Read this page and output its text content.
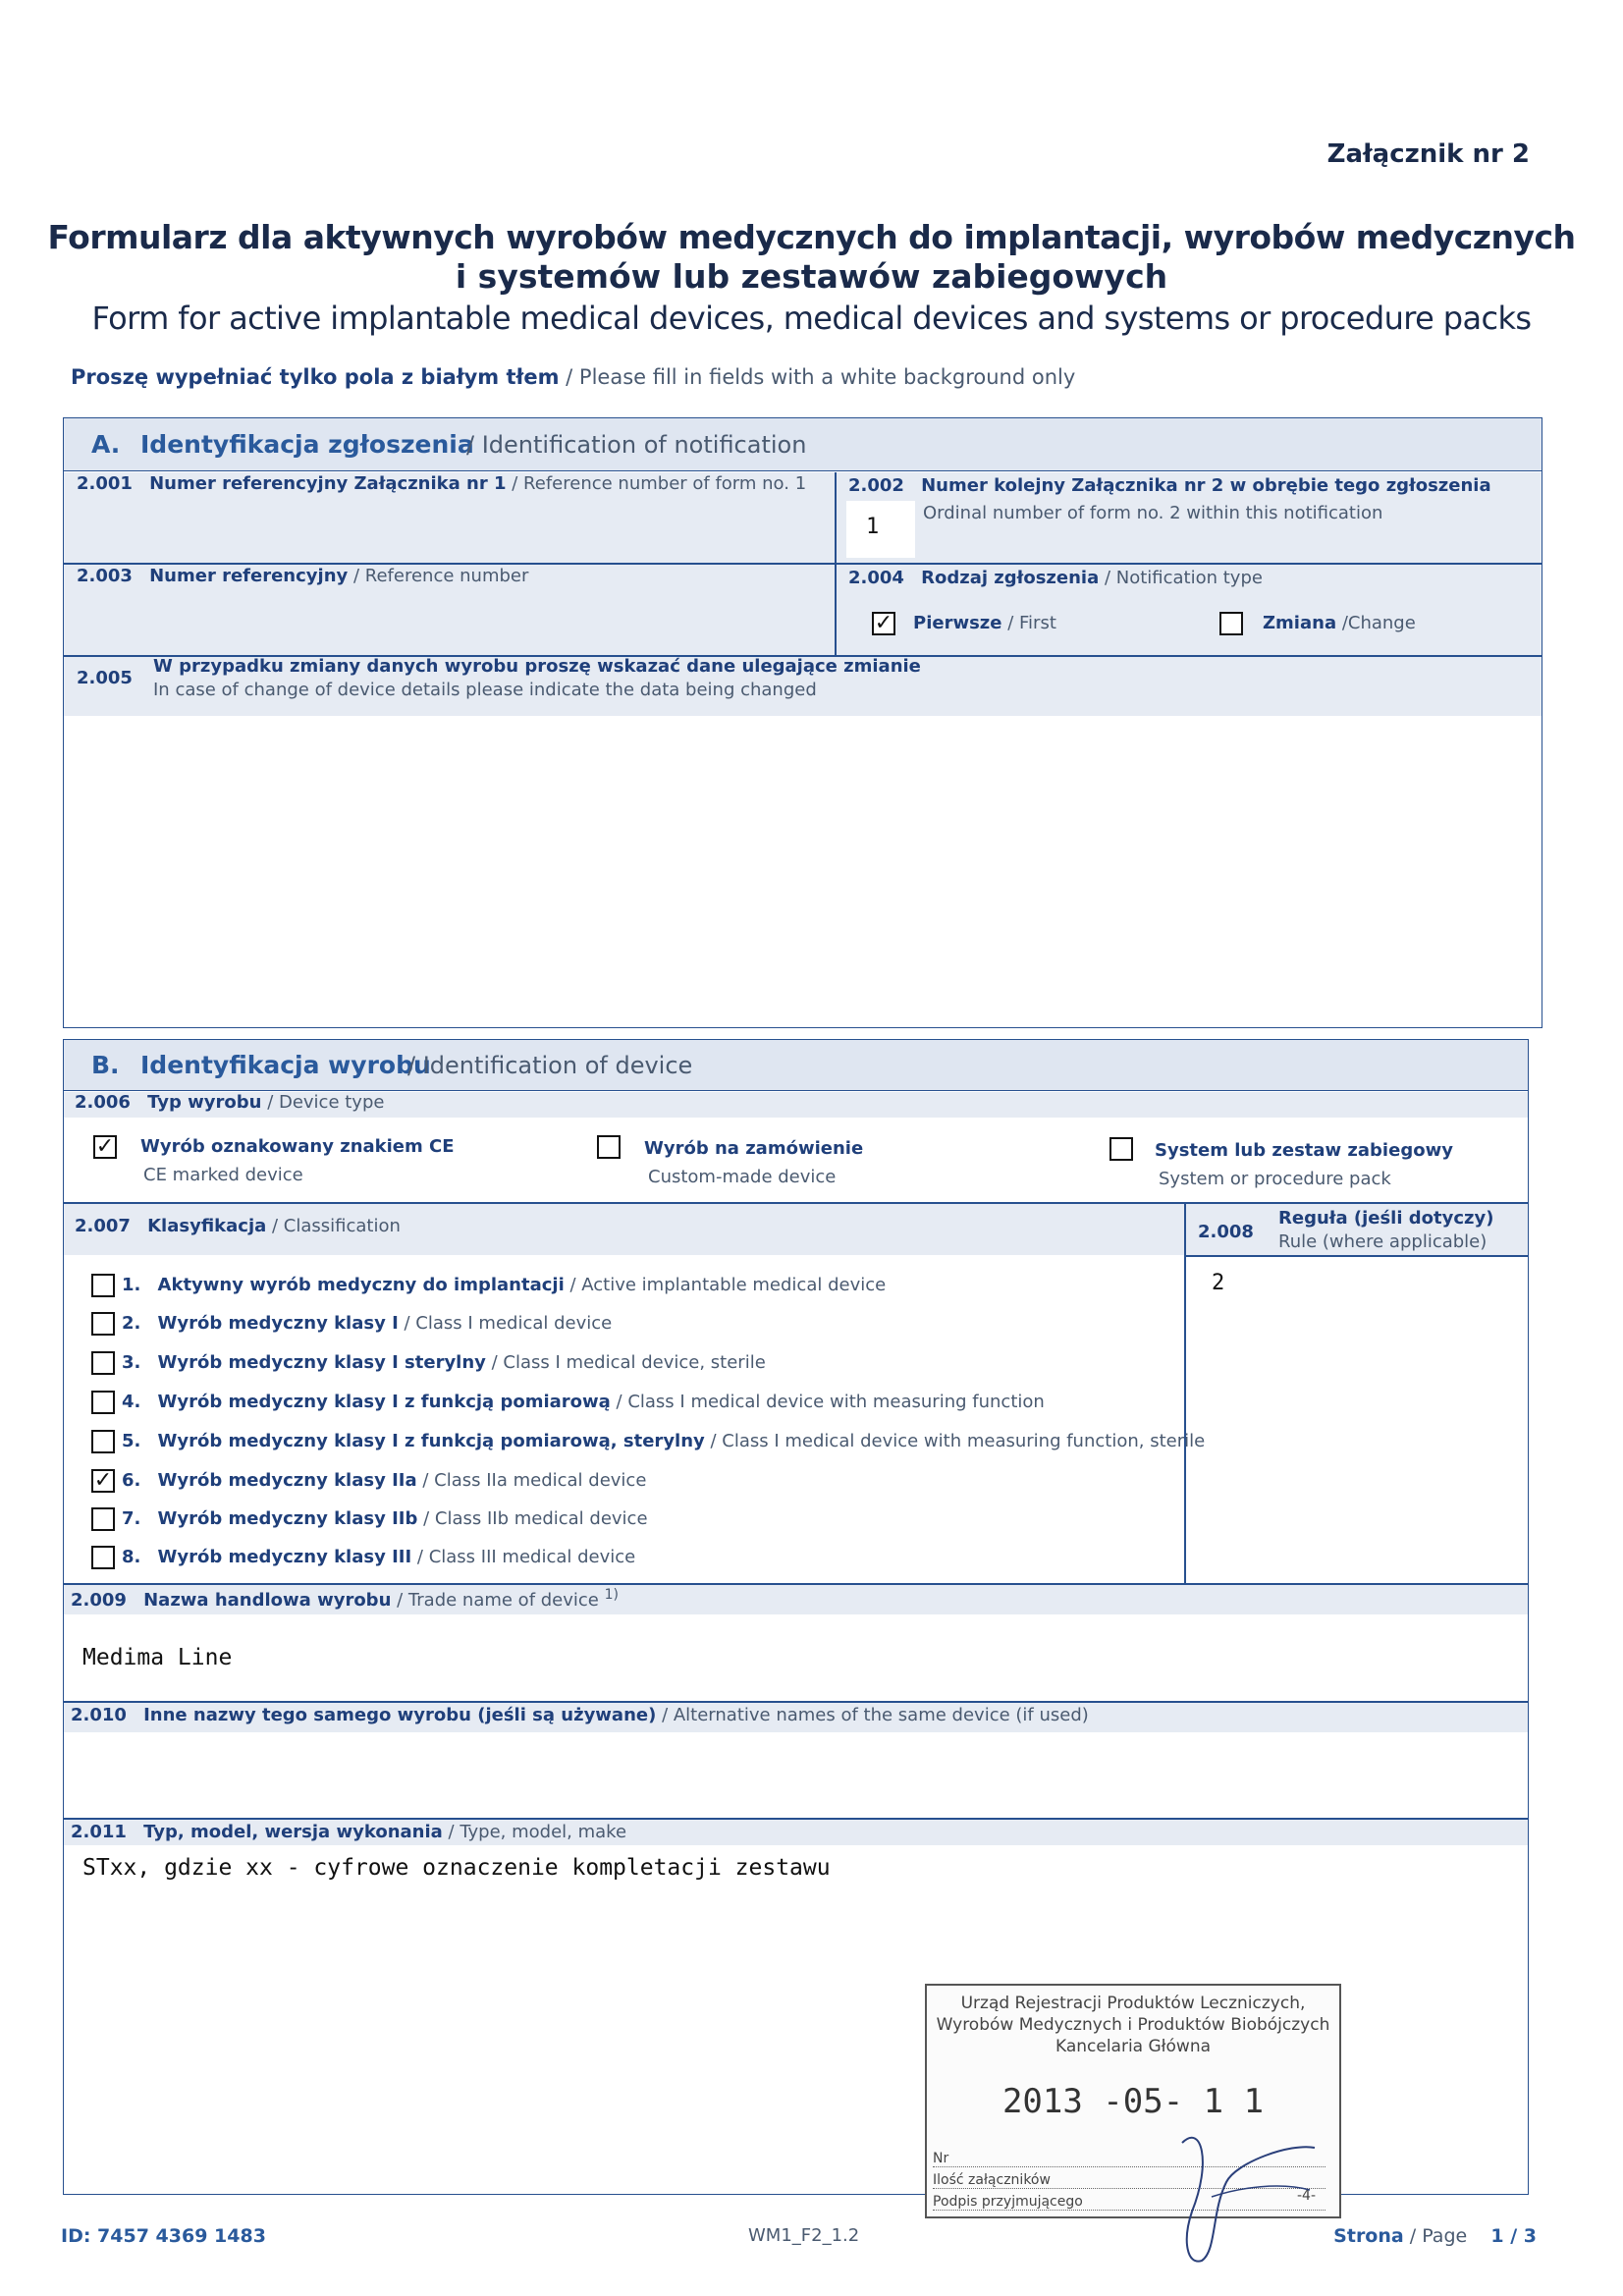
Załącznik nr 2
Formularz dla aktywnych wyrobów medycznych do implantacji, wyrobów medycznych
i systemów lub zestawów zabiegowych
Form for active implantable medical devices, medical devices and systems or procedure packs
Proszę wypełniać tylko pola z białym tłem / Please fill in fields with a white background only
A. Identyfikacja zgłoszenia
/ Identification of notification
2.001 Numer referencyjny Załącznika nr 1 / Reference number of form no. 1 2.002 Numer kolejny Załącznika nr 2 w obrębie tego zgłoszenia
1
Ordinal number of form no. 2 within this notification
2.003 Numer referencyjny / Reference number	2.004 Rodzaj zgłoszenia / Notification type
✓ Pierwsze / First	Zmiana /Change
2.005
W przypadku zmiany danych wyrobu proszę wskazać dane ulegające zmianie
In case of change of device details please indicate the data being changed
B. Identyfikacja wyrobu
/ Identification of device
2.006 Typ wyrobu / Device type
✓ Wyrób oznakowany znakiem CE
CE marked device
Wyrób na zamówienie
Custom-made device
System lub zestaw zabiegowy
System or procedure pack
2.007 Klasyfikacja / Classification	2.008
Reguła (jeśli dotyczy)
Rule (where applicable)
2
1. Aktywny wyrób medyczny do implantacji / Active implantable medical device
2. Wyrób medyczny klasy I / Class I medical device
3. Wyrób medyczny klasy I sterylny / Class I medical device, sterile
4. Wyrób medyczny klasy I z funkcją pomiarową / Class I medical device with measuring function
5. Wyrób medyczny klasy I z funkcją pomiarową, sterylny / Class I medical device with measuring function, sterile
✓ 6. Wyrób medyczny klasy IIa / Class IIa medical device
7. Wyrób medyczny klasy IIb / Class IIb medical device
8. Wyrób medyczny klasy III / Class III medical device
2.009 Nazwa handlowa wyrobu / Trade name of device $^{1)}$
Medima Line
2.010 Inne nazwy tego samego wyrobu (jeśli są używane) / Alternative names of the same device (if used)
2.011 Typ, model, wersja wykonania / Type, model, make
STxx, gdzie xx - cyfrowe oznaczenie kompletacji zestawu
Urząd Rejestracji Produktów Leczniczych,
Wyrobów Medycznych i Produktów Biobójczych
Kancelaria Główna
2013 -05- 1 1
Nr
Ilość załączników
Podpis przyjmującego	-4-
ID: 7457 4369 1483	WM1_F2_1.2	Strona / Page 1 / 3
